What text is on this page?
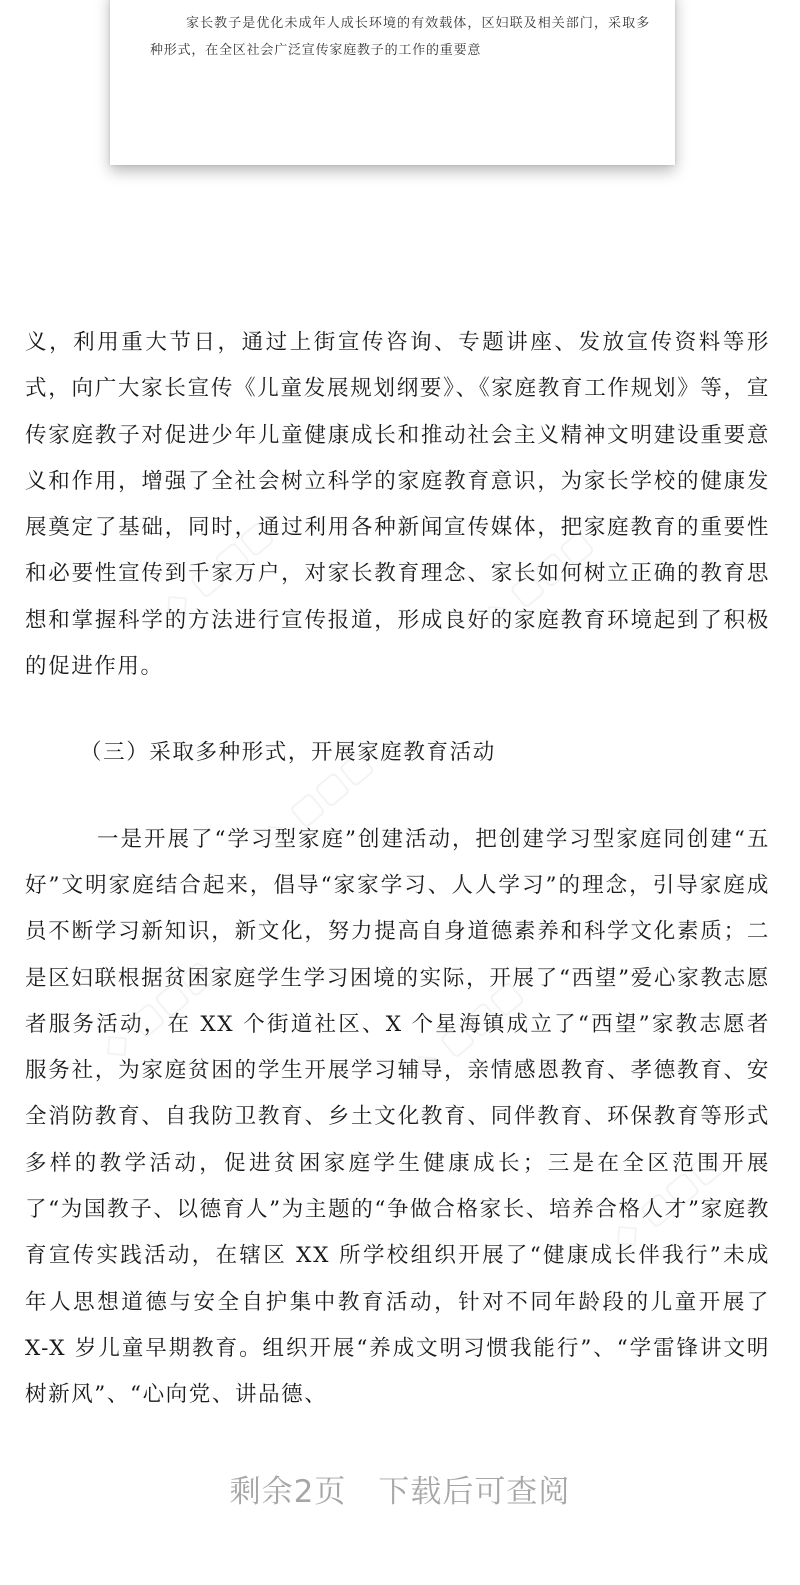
家长教子是优化未成年人成长环境的有效载体，区妇联及相关部门，采取多种形式，在全区社会广泛宣传家庭教子的工作的重要意

义，利用重大节日，通过上街宣传咨询、专题讲座、发放宣传资料等形式，向广大家长宣传《儿童发展规划纲要》、《家庭教育工作规划》等，宣传家庭教子对促进少年儿童健康成长和推动社会主义精神文明建设重要意义和作用，增强了全社会树立科学的家庭教育意识，为家长学校的健康发展奠定了基础，同时，通过利用各种新闻宣传媒体，把家庭教育的重要性和必要性宣传到千家万户，对家长教育理念、家长如何树立正确的教育思想和掌握科学的方法进行宣传报道，形成良好的家庭教育环境起到了积极的促进作用。

（三）采取多种形式，开展家庭教育活动

一是开展了“学习型家庭”创建活动，把创建学习型家庭同创建“五好”文明家庭结合起来，倡导“家家学习、人人学习”的理念，引导家庭成员不断学习新知识，新文化，努力提高自身道德素养和科学文化素质；二是区妇联根据贫困家庭学生学习困境的实际，开展了“西望”爱心家教志愿者服务活动，在 XX 个街道社区、X 个星海镇成立了“西望”家教志愿者服务社，为家庭贫困的学生开展学习辅导，亲情感恩教育、孝德教育、安全消防教育、自我防卫教育、乡土文化教育、同伴教育、环保教育等形式多样的教学活动，促进贫困家庭学生健康成长；三是在全区范围开展了“为国教子、以德育人”为主题的“争做合格家长、培养合格人才”家庭教育宣传实践活动，在辖区 XX 所学校组织开展了“健康成长伴我行”未成年人思想道德与安全自护集中教育活动，针对不同年龄段的儿童开展了 X-X 岁儿童早期教育。组织开展“养成文明习惯我能行”、“学雷锋讲文明树新风”、“心向党、讲品德、

◇ ▢▢▢	◇ ▢▢▢
◇ ▢▢▢
◇ ▢▢▢	◇ ▢▢▢
◇ ▢▢▢
剩余2页 下载后可查阅
